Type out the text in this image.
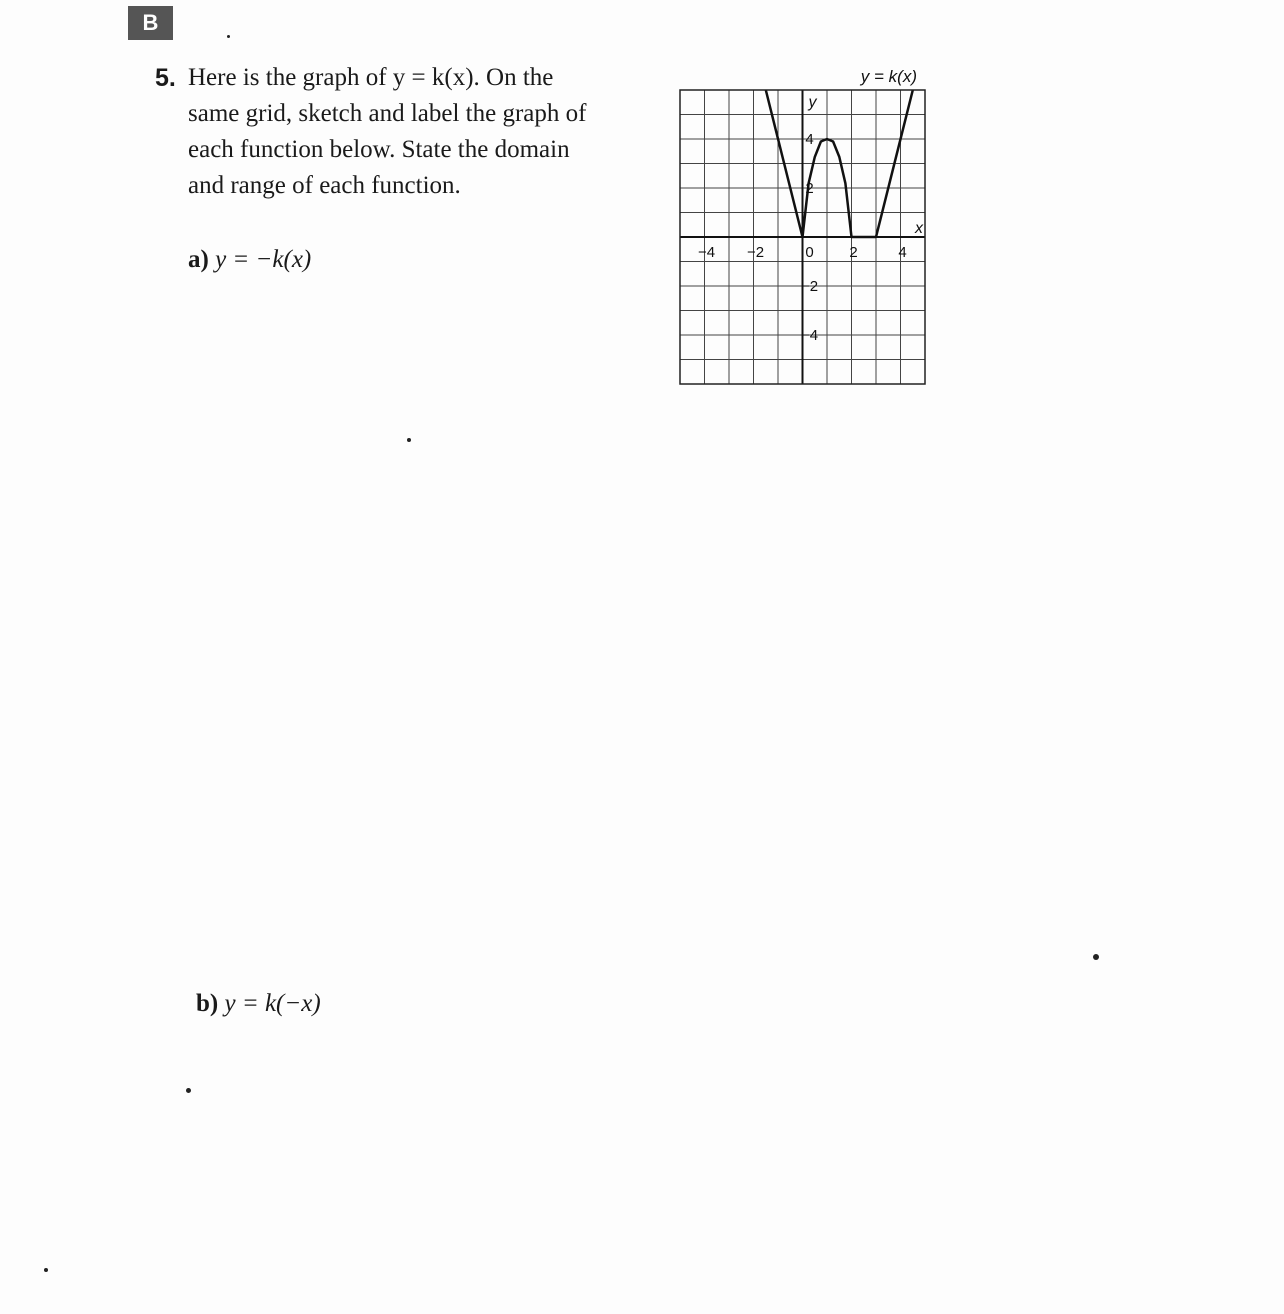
B
5. Here is the graph of y = k(x). On the same grid, sketch and label the graph of each function below. State the domain and range of each function.
a) y = −k(x)
b) y = k(−x)
−4 −2	0 2	4
4
2
−2
−4
x
y
y = k(x)
